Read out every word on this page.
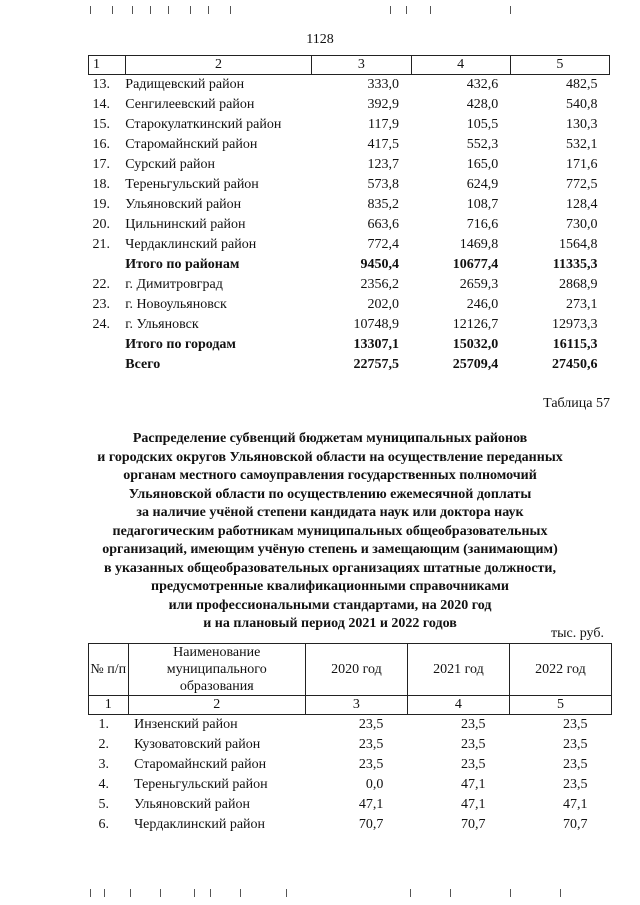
1128
1	2	3	4	5
13.	Радищевский район	333,0	432,6	482,5
14.	Сенгилеевский район	392,9	428,0	540,8
15.	Старокулаткинский район	117,9	105,5	130,3
16.	Старомайнский район	417,5	552,3	532,1
17.	Сурский район	123,7	165,0	171,6
18.	Тереньгульский район	573,8	624,9	772,5
19.	Ульяновский район	835,2	108,7	128,4
20.	Цильнинский район	663,6	716,6	730,0
21.	Чердаклинский район	772,4	1469,8	1564,8
	Итого по районам	9450,4	10677,4	11335,3
22.	г. Димитровград	2356,2	2659,3	2868,9
23.	г. Новоульяновск	202,0	246,0	273,1
24.	г. Ульяновск	10748,9	12126,7	12973,3
	Итого по городам	13307,1	15032,0	16115,3
	Всего	22757,5	25709,4	27450,6
Таблица 57
Распределение субвенций бюджетам муниципальных районов
и городских округов Ульяновской области на осуществление переданных
органам местного самоуправления государственных полномочий
Ульяновской области по осуществлению ежемесячной доплаты
за наличие учёной степени кандидата наук или доктора наук
педагогическим работникам муниципальных общеобразовательных
организаций, имеющим учёную степень и замещающим (занимающим)
в указанных общеобразовательных организациях штатные должности,
предусмотренные квалификационными справочниками
или профессиональными стандартами, на 2020 год
и на плановый период 2021 и 2022 годов
тыс. руб.
№ п/п	Наименование муниципального образования	2020 год	2021 год	2022 год
1	2	3	4	5
1.	Инзенский район	23,5	23,5	23,5
2.	Кузоватовский район	23,5	23,5	23,5
3.	Старомайнский район	23,5	23,5	23,5
4.	Тереньгульский район	0,0	47,1	23,5
5.	Ульяновский район	47,1	47,1	47,1
6.	Чердаклинский район	70,7	70,7	70,7
